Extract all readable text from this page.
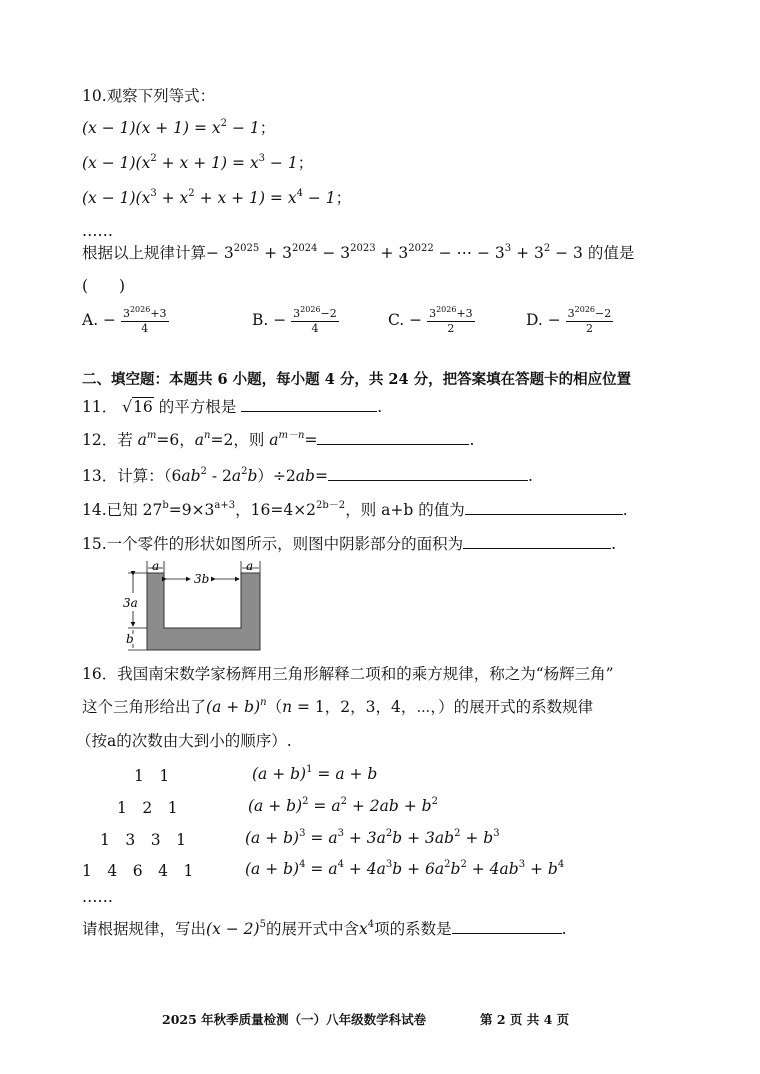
10.观察下列等式：
$(x - 1)(x + 1) = x^2 - 1$；
$(x - 1)(x^2 + x + 1) = x^3 - 1$；
$(x - 1)(x^3 + x^2 + x + 1) = x^4 - 1$；
……
根据以上规律计算− $3^{2025} + 3^{2024} - 3^{2023} + 3^{2022}$ − ⋯ − $3^3 + 3^2 - 3$ 的值是
(　　)
A. − $\frac{3^{2026}+3}{4}$	B. − $\frac{3^{2026}-2}{4}$	C. − $\frac{3^{2026}+3}{2}$	D. − $\frac{3^{2026}-2}{2}$
二、填空题：本题共 6 小题，每小题 4 分，共 24 分，把答案填在答题卡的相应位置
11． √16 的平方根是	.
12．若 $a^m=6$，$a^n=2$，则 $a^{m-n}=$	.
13．计算：$(6ab^2 - 2a^2b)\div 2ab=$	.
14.已知 $27^b=9\times 3^{a+3}$，$16=4\times 2^{2b-2}$，则 a+b 的值为	.
15.一个零件的形状如图所示，则图中阴影部分的面积为	.
a	a
3b
3a
b
16．我国南宋数学家杨辉用三角形解释二项和的乘方规律，称之为“杨辉三角”
这个三角形给出了$(a + b)^n(n = 1$，2，3，4，⋯，）的展开式的系数规律
（按a的次数由大到小的顺序）.
1　1
1　2　1
1　3　3　1
1　4　6　4　1
$(a + b)^1 = a + b$
$(a + b)^2 = a^2 + 2ab + b^2$
$(a + b)^3 = a^3 + 3a^2b + 3ab^2 + b^3$
$(a + b)^4 = a^4 + 4a^3b + 6a^2b^2 + 4ab^3 + b^4$
……
请根据规律，写出$(x - 2)^5$的展开式中含$x^4$项的系数是	.
2025 年秋季质量检测（一）八年级数学科试卷	第 2 页 共 4 页
